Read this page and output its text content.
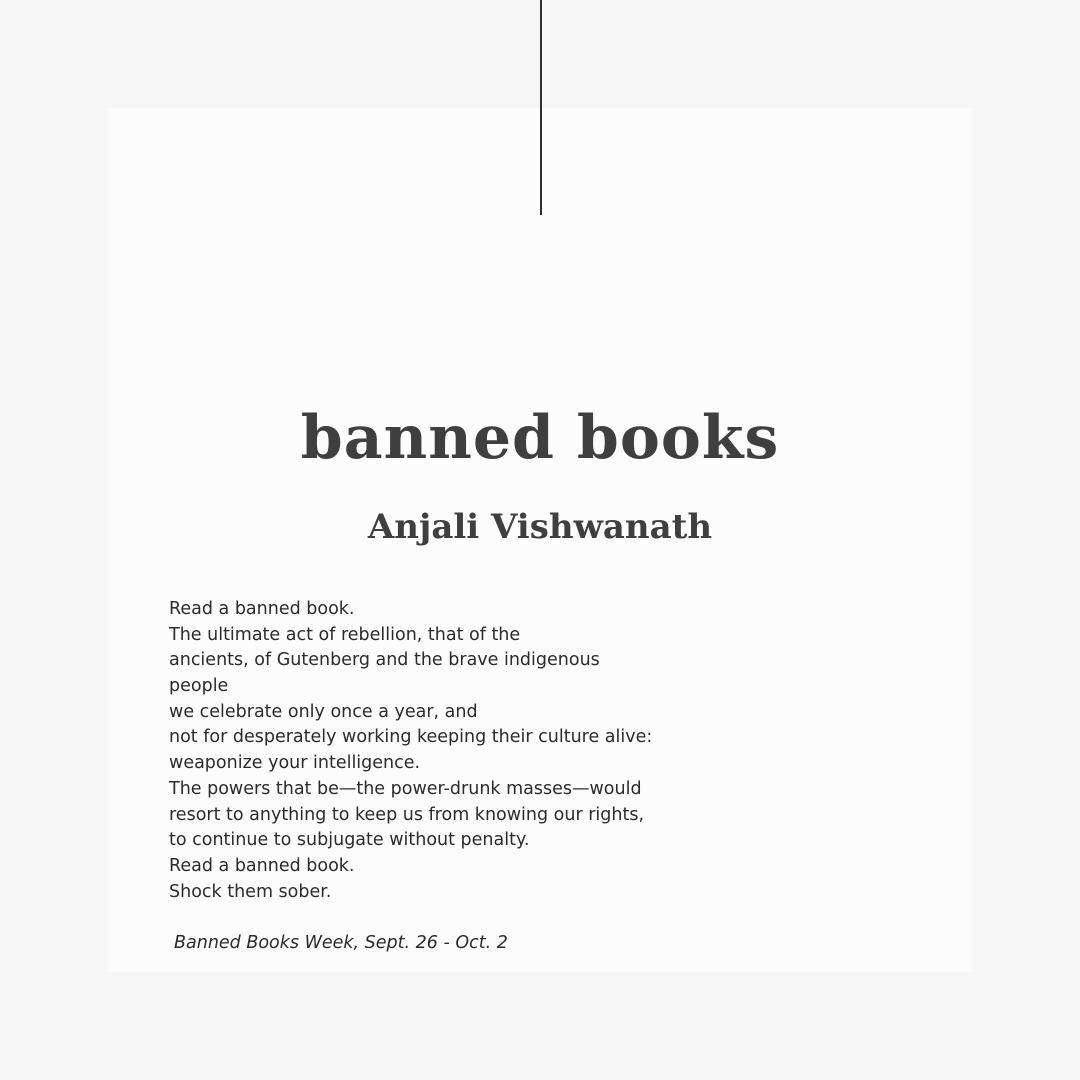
banned books
Anjali Vishwanath
Read a banned book.
The ultimate act of rebellion, that of the
ancients, of Gutenberg and the brave indigenous
people
we celebrate only once a year, and
not for desperately working keeping their culture alive:
weaponize your intelligence.
The powers that be—the power-drunk masses—would
resort to anything to keep us from knowing our rights,
to continue to subjugate without penalty.
Read a banned book.
Shock them sober.
Banned Books Week, Sept. 26 - Oct. 2
